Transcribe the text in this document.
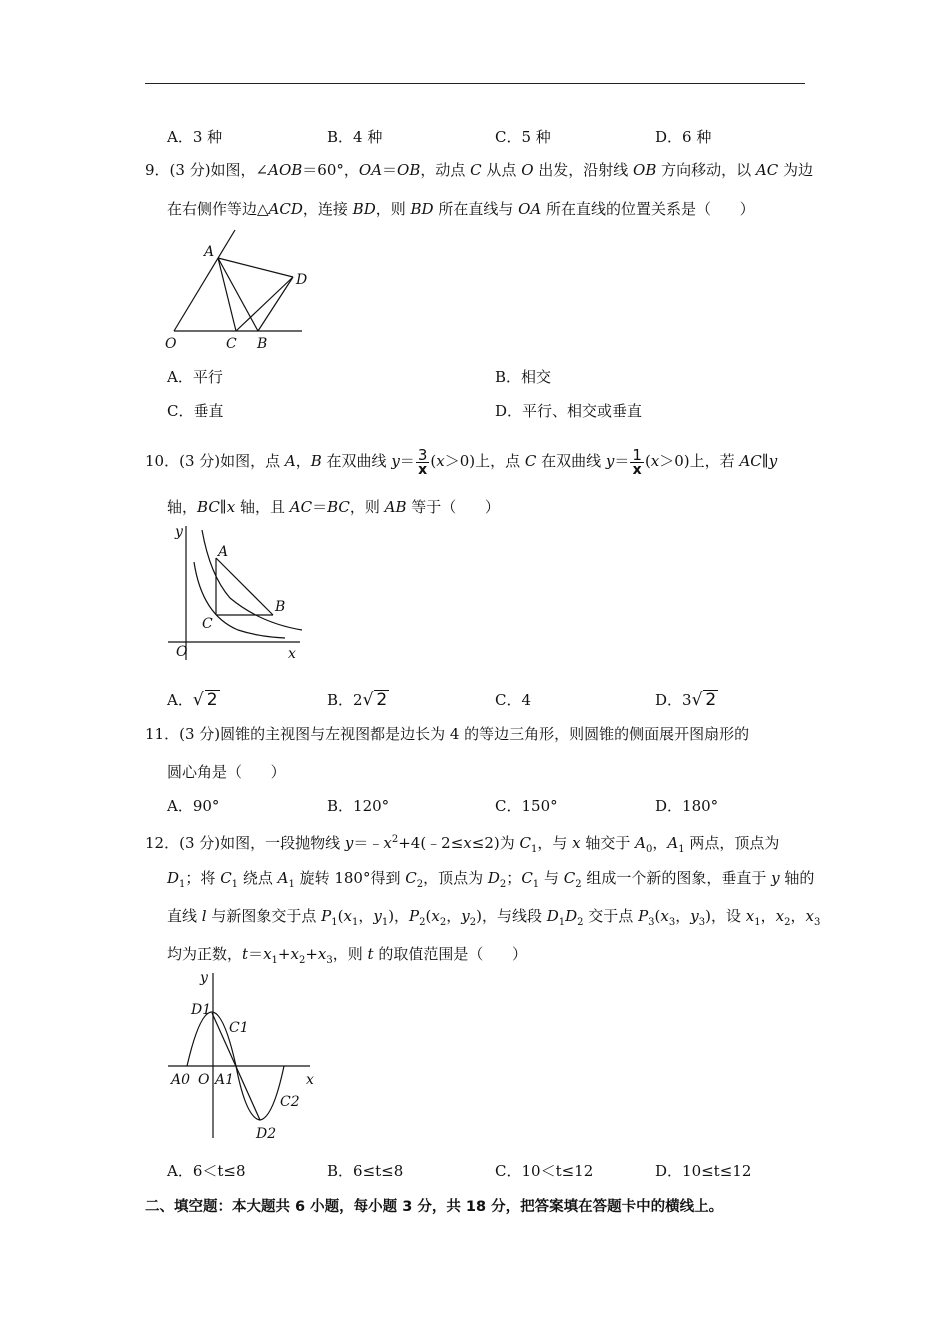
A．3 种	B．4 种	C．5 种	D．6 种
9．(3 分)如图，∠AOB＝60°，OA＝OB，动点 C 从点 O 出发，沿射线 OB 方向移动，以 AC 为边
在右侧作等边△ACD，连接 BD，则 BD 所在直线与 OA 所在直线的位置关系是（      ）
A
D
O	C B
A．平行	B．相交
C．垂直	D．平行、相交或垂直
10．(3 分)如图，点 A，B 在双曲线 $y= \frac{3}{x} (x>0)$上，点 C 在双曲线 $y= \frac{1}{x} (x>0)$上，若 AC∥y
轴，BC∥x 轴，且 AC＝BC，则 AB 等于（      ）
y
A
B
C
O	x
A．√ 2	B．2√ 2	C．4	D．3√ 2
11．(3 分)圆锥的主视图与左视图都是边长为 4 的等边三角形，则圆锥的侧面展开图扇形的
圆心角是（      ）
A．90°	B．120°	C．150°	D．180°
12．(3 分)如图，一段抛物线 $y=﹣x^2+4(﹣2\le x\le 2)$为 $C_1$，与 x 轴交于 $A_0$，$A_1$ 两点，顶点为
$D_1$；将 $C_1$ 绕点 $A_1$ 旋转 180°得到 $C_2$，顶点为 $D_2$；$C_1$ 与 $C_2$ 组成一个新的图象，垂直于 y 轴的
直线 l 与新图象交于点 $P_1(x_1$，$y_1$)，$P_2(x_2$，$y_2$)，与线段 $D_1D_2$ 交于点 $P_3(x_3$，$y_3$)，设 $x_1$，$x_2$，$x_3$
均为正数，$t=x_1+x_2+x_3$，则 t 的取值范围是（      ）
y
D1
C1
A0 O A1	x
C2
D2
A．6＜t≤8	B．6≤t≤8	C．10＜t≤12	D．10≤t≤12
二、填空题：本大题共 6 小题，每小题 3 分，共 18 分，把答案填在答题卡中的横线上。
